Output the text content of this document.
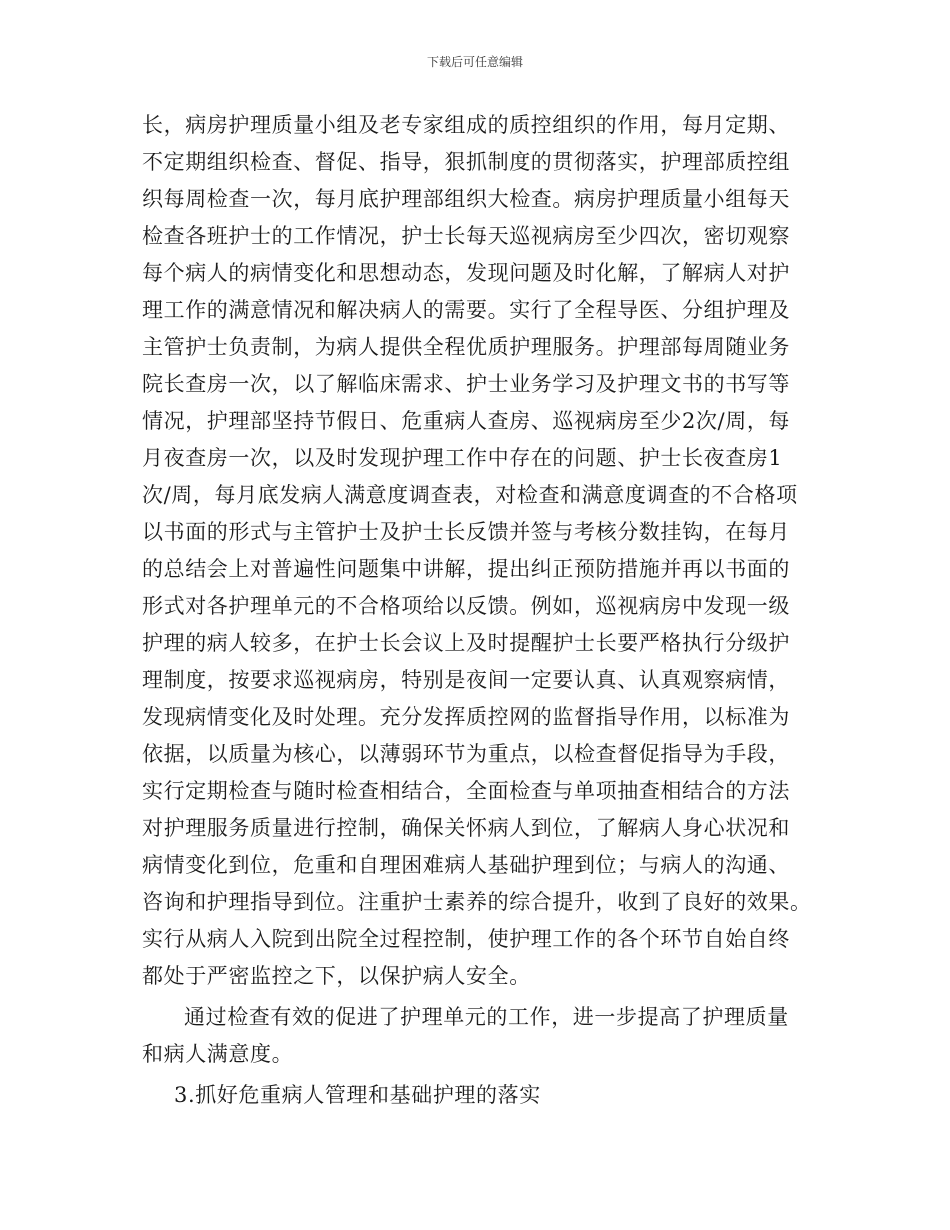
下载后可任意编辑
长，病房护理质量小组及老专家组成的质控组织的作用，每月定期、
不定期组织检查、督促、指导，狠抓制度的贯彻落实，护理部质控组
织每周检查一次，每月底护理部组织大检查。病房护理质量小组每天
检查各班护士的工作情况，护士长每天巡视病房至少四次，密切观察
每个病人的病情变化和思想动态，发现问题及时化解，了解病人对护
理工作的满意情况和解决病人的需要。实行了全程导医、分组护理及
主管护士负责制，为病人提供全程优质护理服务。护理部每周随业务
院长查房一次，以了解临床需求、护士业务学习及护理文书的书写等
情况，护理部坚持节假日、危重病人查房、巡视病房至少2次/周，每
月夜查房一次，以及时发现护理工作中存在的问题、护士长夜查房1
次/周，每月底发病人满意度调查表，对检查和满意度调查的不合格项
以书面的形式与主管护士及护士长反馈并签与考核分数挂钩，在每月
的总结会上对普遍性问题集中讲解，提出纠正预防措施并再以书面的
形式对各护理单元的不合格项给以反馈。例如，巡视病房中发现一级
护理的病人较多，在护士长会议上及时提醒护士长要严格执行分级护
理制度，按要求巡视病房，特别是夜间一定要认真、认真观察病情，
发现病情变化及时处理。充分发挥质控网的监督指导作用，以标准为
依据，以质量为核心，以薄弱环节为重点，以检查督促指导为手段，
实行定期检查与随时检查相结合，全面检查与单项抽查相结合的方法
对护理服务质量进行控制，确保关怀病人到位，了解病人身心状况和
病情变化到位，危重和自理困难病人基础护理到位；与病人的沟通、
咨询和护理指导到位。注重护士素养的综合提升，收到了良好的效果。
实行从病人入院到出院全过程控制，使护理工作的各个环节自始自终
都处于严密监控之下，以保护病人安全。
通过检查有效的促进了护理单元的工作，进一步提高了护理质量
和病人满意度。
3.抓好危重病人管理和基础护理的落实
